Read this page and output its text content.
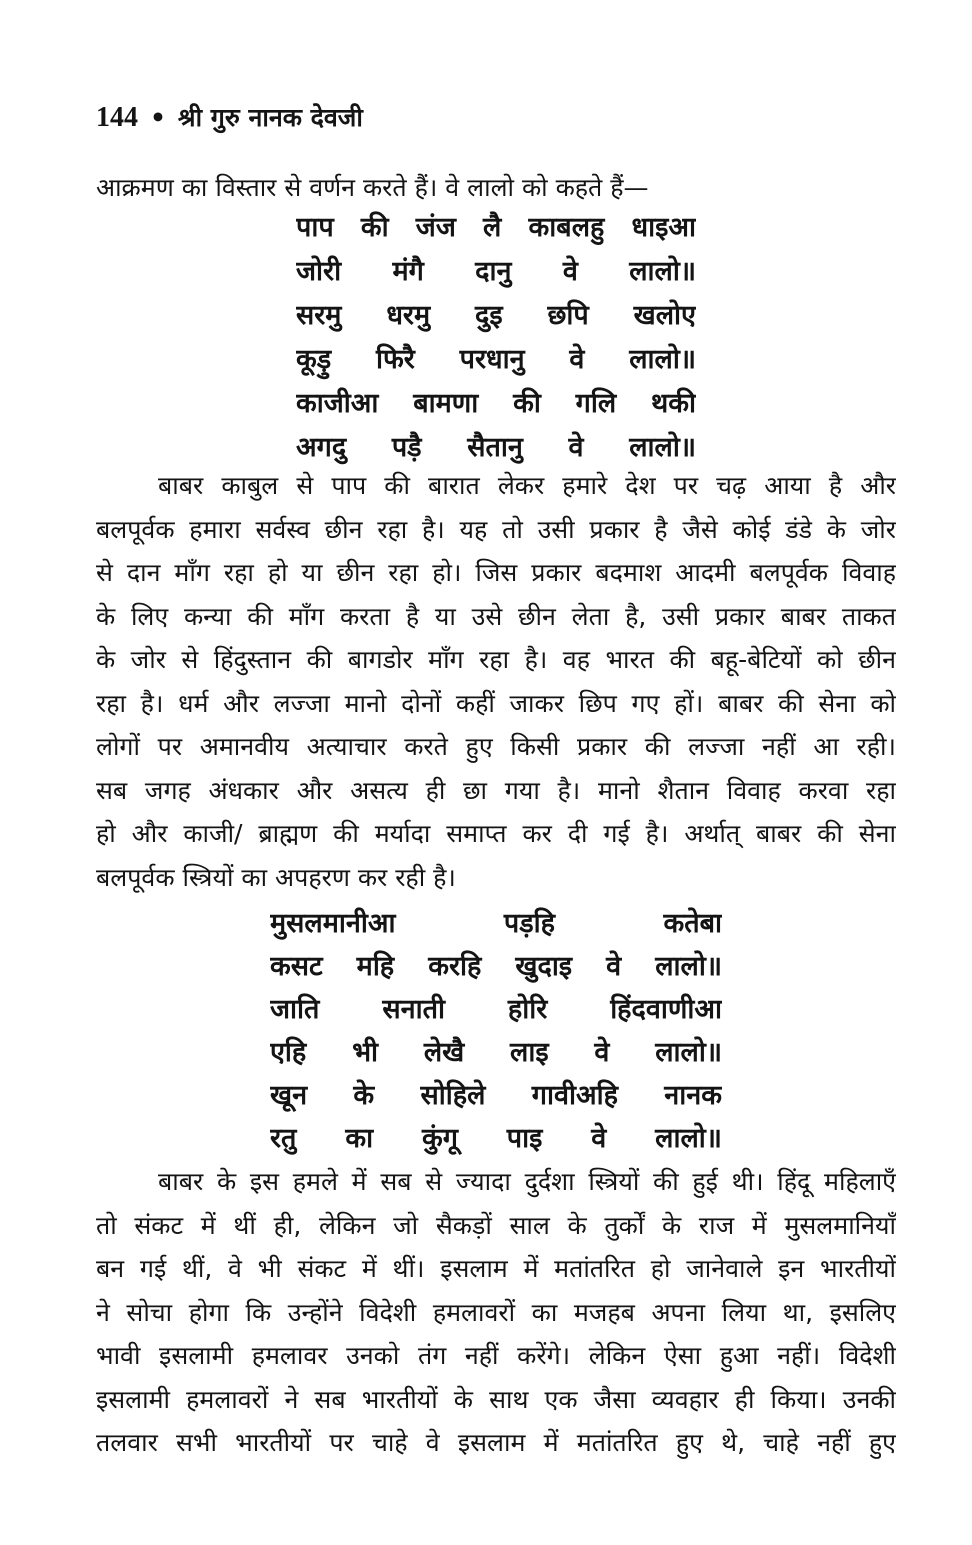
144 • श्री गुरु नानक देवजी
आक्रमण का विस्तार से वर्णन करते हैं। वे लालो को कहते हैं—
पाप की जंज लै काबलहु धाइआ
जोरी मंगै दानु वे लालो॥
सरमु धरमु दुइ छपि खलोए
कूड़ु फिरै परधानु वे लालो॥
काजीआ बामणा की गलि थकी
अगदु पड़ै सैतानु वे लालो॥
बाबर काबुल से पाप की बारात लेकर हमारे देश पर चढ़ आया है और
बलपूर्वक हमारा सर्वस्व छीन रहा है। यह तो उसी प्रकार है जैसे कोई डंडे के जोर
से दान माँग रहा हो या छीन रहा हो। जिस प्रकार बदमाश आदमी बलपूर्वक विवाह
के लिए कन्या की माँग करता है या उसे छीन लेता है, उसी प्रकार बाबर ताकत
के जोर से हिंदुस्तान की बागडोर माँग रहा है। वह भारत की बहू-बेटियों को छीन
रहा है। धर्म और लज्जा मानो दोनों कहीं जाकर छिप गए हों। बाबर की सेना को
लोगों पर अमानवीय अत्याचार करते हुए किसी प्रकार की लज्जा नहीं आ रही।
सब जगह अंधकार और असत्य ही छा गया है। मानो शैतान विवाह करवा रहा
हो और काजी/ ब्राह्मण की मर्यादा समाप्त कर दी गई है। अर्थात् बाबर की सेना
बलपूर्वक स्त्रियों का अपहरण कर रही है।
मुसलमानीआ	पड़हि	कतेबा
कसट महि करहि खुदाइ वे लालो॥
जाति सनाती होरि हिंदवाणीआ
एहि भी लेखै लाइ वे लालो॥
खून के सोहिले गावीअहि नानक
रतु का कुंगू पाइ वे लालो॥
बाबर के इस हमले में सब से ज्यादा दुर्दशा स्त्रियों की हुई थी। हिंदू महिलाएँ
तो संकट में थीं ही, लेकिन जो सैकड़ों साल के तुर्कों के राज में मुसलमानियाँ
बन गई थीं, वे भी संकट में थीं। इसलाम में मतांतरित हो जानेवाले इन भारतीयों
ने सोचा होगा कि उन्होंने विदेशी हमलावरों का मजहब अपना लिया था, इसलिए
भावी इसलामी हमलावर उनको तंग नहीं करेंगे। लेकिन ऐसा हुआ नहीं। विदेशी
इसलामी हमलावरों ने सब भारतीयों के साथ एक जैसा व्यवहार ही किया। उनकी
तलवार सभी भारतीयों पर चाहे वे इसलाम में मतांतरित हुए थे, चाहे नहीं हुए
